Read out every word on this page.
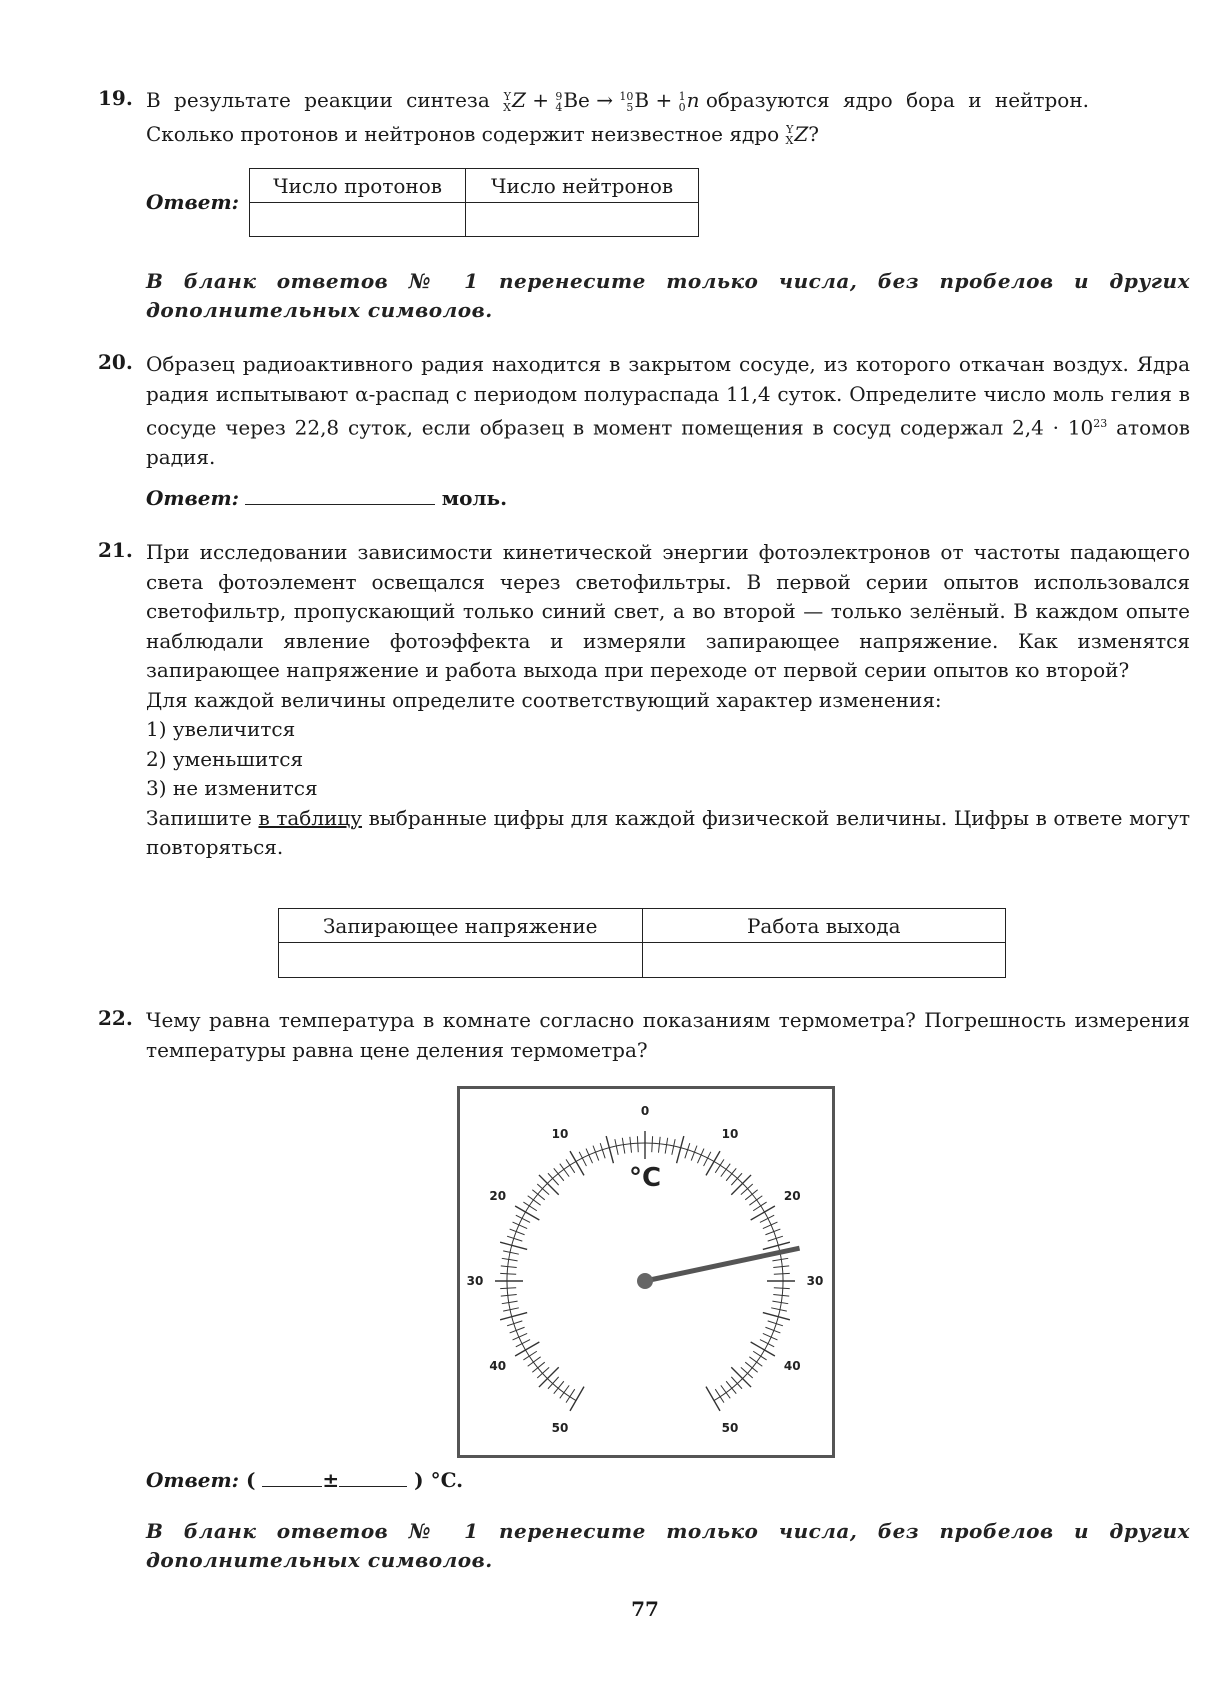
19. В результате реакции синтеза Y
X Z + 9
4 Be → 10
5 B + 1
0 n образуются ядро бора и нейтрон.

Сколько протонов и нейтронов содержит неизвестное ядро Y
X Z?

Ответ:
Число протонов	Число нейтронов

В бланк ответов № 1 перенесите только числа, без пробелов и других дополнительных символов.
20. Образец радиоактивного радия находится в закрытом сосуде, из которого откачан воздух. Ядра радия испытывают α-распад с периодом полураспада 11,4 суток. Определите число моль гелия в сосуде через 22,8 суток, если образец в момент помещения в сосуд содержал $2,4 \cdot 10^{23}$ атомов радия.

Ответ:	моль.
21. При исследовании зависимости кинетической энергии фотоэлектронов от частоты падающего света фотоэлемент освещался через светофильтры. В первой серии опытов использовался светофильтр, пропускающий только синий свет, а во второй — только зелёный. В каждом опыте наблюдали явление фотоэффекта и измеряли запирающее напряжение. Как изменятся запирающее напряжение и работа выхода при переходе от первой серии опытов ко второй?

Для каждой величины определите соответствующий характер изменения:

1) увеличится

2) уменьшится

3) не изменится

Запишите в таблицу выбранные цифры для каждой физической величины. Цифры в ответе могут повторяться.

Запирающее напряжение	Работа выхода

22. Чему равна температура в комнате согласно показаниям термометра? Погрешность измерения температуры равна цене деления термометра?

0
10
20
30
40
50
10
20
30
40
50
°C
Ответ: (	±	) °C.
В бланк ответов № 1 перенесите только числа, без пробелов и других дополнительных символов.
77
